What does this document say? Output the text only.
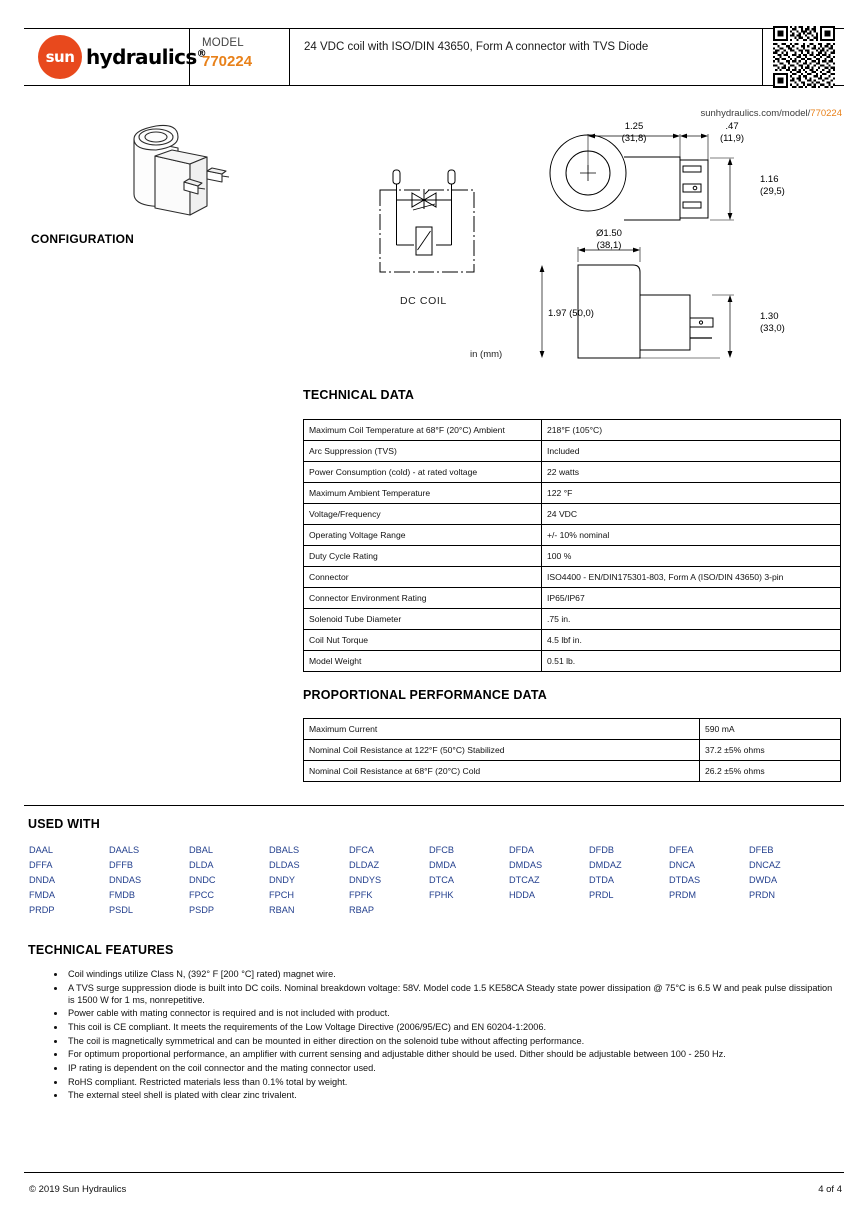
sun hydraulics®
MODEL
770224
24 VDC coil with ISO/DIN 43650, Form A connector with TVS Diode
sunhydraulics.com/model/770224
CONFIGURATION
DC COIL
in (mm)
1.25
(31,8)
.47
(11,9)
1.16
(29,5)
Ø1.50
(38,1)
1.97 (50,0)	1.30
(33,0)
TECHNICAL DATA
Maximum Coil Temperature at 68°F (20°C) Ambient	218°F (105°C)
Arc Suppression (TVS)	Included
Power Consumption (cold) - at rated voltage	22 watts
Maximum Ambient Temperature	122 °F
Voltage/Frequency	24 VDC
Operating Voltage Range	+/- 10% nominal
Duty Cycle Rating	100 %
Connector	ISO4400 - EN/DIN175301-803, Form A (ISO/DIN 43650) 3-pin
Connector Environment Rating	IP65/IP67
Solenoid Tube Diameter	.75 in.
Coil Nut Torque	4.5 lbf in.
Model Weight	0.51 lb.
PROPORTIONAL PERFORMANCE DATA
Maximum Current	590 mA
Nominal Coil Resistance at 122°F (50°C) Stabilized	37.2 ±5% ohms
Nominal Coil Resistance at 68°F (20°C) Cold	26.2 ±5% ohms
USED WITH
DAAL	DAALS	DBAL	DBALS	DFCA	DFCB	DFDA	DFDB	DFEA	DFEB
DFFA	DFFB	DLDA	DLDAS	DLDAZ	DMDA	DMDAS	DMDAZ	DNCA	DNCAZ
DNDA	DNDAS	DNDC	DNDY	DNDYS	DTCA	DTCAZ	DTDA	DTDAS	DWDA
FMDA	FMDB	FPCC	FPCH	FPFK	FPHK	HDDA	PRDL	PRDM	PRDN
PRDP	PSDL	PSDP	RBAN	RBAP
TECHNICAL FEATURES
• Coil windings utilize Class N, (392° F [200 °C] rated) magnet wire.
• A TVS surge suppression diode is built into DC coils. Nominal breakdown voltage: 58V. Model code 1.5 KE58CA Steady state power dissipation @ 75°C is 6.5 W and peak pulse dissipation is 1500 W for 1 ms, nonrepetitive.
• Power cable with mating connector is required and is not included with product.
• This coil is CE compliant. It meets the requirements of the Low Voltage Directive (2006/95/EC) and EN 60204-1:2006.
• The coil is magnetically symmetrical and can be mounted in either direction on the solenoid tube without affecting performance.
• For optimum proportional performance, an amplifier with current sensing and adjustable dither should be used. Dither should be adjustable between 100 - 250 Hz.
• IP rating is dependent on the coil connector and the mating connector used.
• RoHS compliant. Restricted materials less than 0.1% total by weight.
• The external steel shell is plated with clear zinc trivalent.
© 2019 Sun Hydraulics	4 of 4
